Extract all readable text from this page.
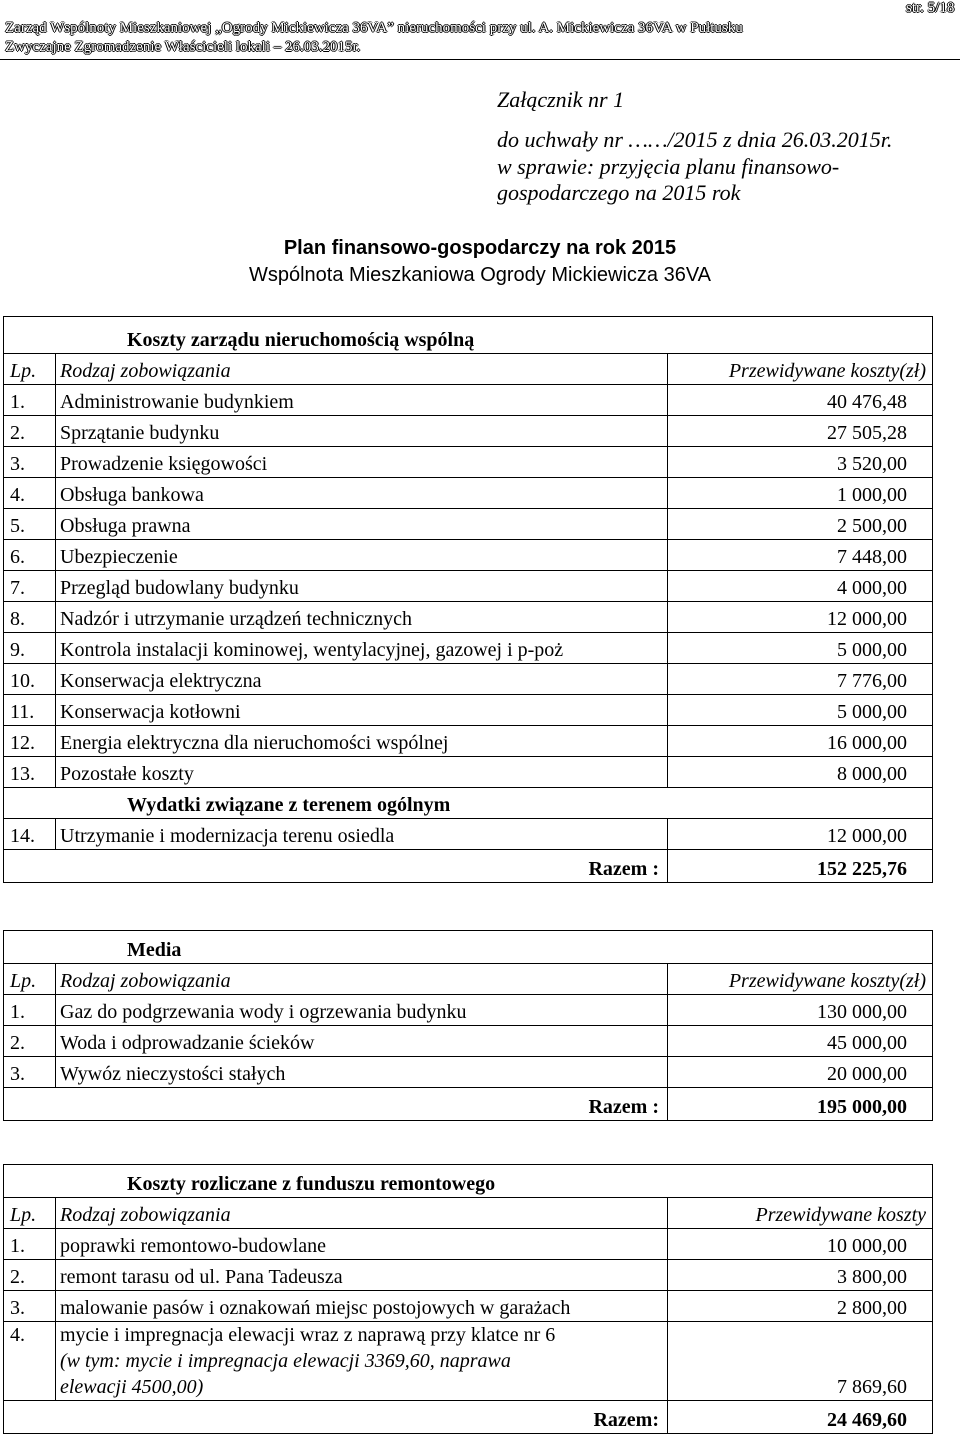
str. 5/18
Zarząd Wspólnoty Mieszkaniowej „Ogrody Mickiewicza 36VA” nieruchomości przy ul. A. Mickiewicza 36VA w Pułtusku
Zwyczajne Zgromadzenie Właścicieli lokali – 26.03.2015r.
Załącznik nr 1
do uchwały nr ……/2015 z dnia 26.03.2015r.
w sprawie: przyjęcia planu finansowo-
gospodarczego na 2015 rok
Plan finansowo-gospodarczy na rok 2015
Wspólnota Mieszkaniowa Ogrody Mickiewicza 36VA
Koszty zarządu nieruchomością wspólną		
Lp.	Rodzaj zobowiązania	Przewidywane koszty(zł)
1.	Administrowanie budynkiem	40 476,48
2.	Sprzątanie budynku	27 505,28
3.	Prowadzenie księgowości	3 520,00
4.	Obsługa bankowa	1 000,00
5.	Obsługa prawna	2 500,00
6.	Ubezpieczenie	7 448,00
7.	Przegląd budowlany budynku	4 000,00
8.	Nadzór i utrzymanie urządzeń technicznych	12 000,00
9.	Kontrola instalacji kominowej, wentylacyjnej, gazowej i p-poż	5 000,00
10.	Konserwacja elektryczna	7 776,00
11.	Konserwacja kotłowni	5 000,00
12.	Energia elektryczna dla nieruchomości wspólnej	16 000,00
13.	Pozostałe koszty	8 000,00
Wydatki związane z terenem ogólnym		
14.	Utrzymanie i modernizacja terenu osiedla	12 000,00
Razem :		152 225,76
Media		
Lp.	Rodzaj zobowiązania	Przewidywane koszty(zł)
1.	Gaz do podgrzewania wody i ogrzewania budynku	130 000,00
2.	Woda i odprowadzanie ścieków	45 000,00
3.	Wywóz nieczystości stałych	20 000,00
Razem :		195 000,00
Koszty rozliczane z funduszu remontowego		
Lp.	Rodzaj zobowiązania	Przewidywane koszty
1.	poprawki remontowo-budowlane	10 000,00
2.	remont tarasu od ul. Pana Tadeusza	3 800,00
3.	malowanie pasów i oznakowań miejsc postojowych w garażach	2 800,00
4.	mycie i impregnacja elewacji wraz z naprawą przy klatce nr 6
(w tym: mycie i impregnacja elewacji 3369,60, naprawa
elewacji 4500,00)	7 869,60
Razem:		24 469,60
